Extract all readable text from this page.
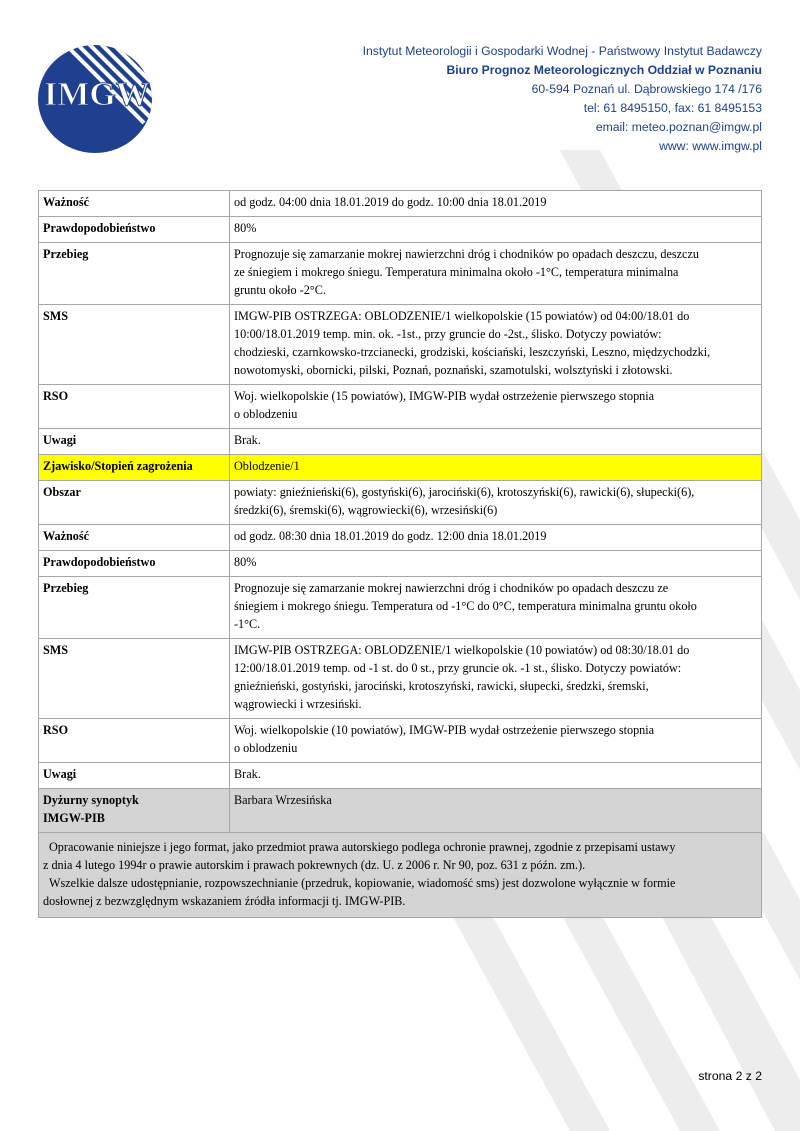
IMGW
Instytut Meteorologii i Gospodarki Wodnej - Państwowy Instytut Badawczy
Biuro Prognoz Meteorologicznych Oddział w Poznaniu
60-594 Poznań ul. Dąbrowskiego 174 /176
tel: 61 8495150, fax: 61 8495153
email: meteo.poznan@imgw.pl
www: www.imgw.pl
Ważność	od godz. 04:00 dnia 18.01.2019 do godz. 10:00 dnia 18.01.2019

Prawdopodobieństwo	80%

Przebieg	Prognozuje się zamarzanie mokrej nawierzchni dróg i chodników po opadach deszczu, deszczu
ze śniegiem i mokrego śniegu. Temperatura minimalna około -1°C, temperatura minimalna
gruntu około -2°C.

SMS	IMGW-PIB OSTRZEGA: OBLODZENIE/1 wielkopolskie (15 powiatów) od 04:00/18.01 do
10:00/18.01.2019 temp. min. ok. -1st., przy gruncie do -2st., ślisko. Dotyczy powiatów:
chodzieski, czarnkowsko-trzcianecki, grodziski, kościański, leszczyński, Leszno, międzychodzki,
nowotomyski, obornicki, pilski, Poznań, poznański, szamotulski, wolsztyński i złotowski.

RSO	Woj. wielkopolskie (15 powiatów), IMGW-PIB wydał ostrzeżenie pierwszego stopnia
o oblodzeniu

Uwagi	Brak.

Zjawisko/Stopień zagrożenia	Oblodzenie/1

Obszar	powiaty: gnieźnieński(6), gostyński(6), jarociński(6), krotoszyński(6), rawicki(6), słupecki(6),
średzki(6), śremski(6), wągrowiecki(6), wrzesiński(6)

Ważność	od godz. 08:30 dnia 18.01.2019 do godz. 12:00 dnia 18.01.2019

Prawdopodobieństwo	80%

Przebieg	Prognozuje się zamarzanie mokrej nawierzchni dróg i chodników po opadach deszczu ze
śniegiem i mokrego śniegu. Temperatura od -1°C do 0°C, temperatura minimalna gruntu około
-1°C.

SMS	IMGW-PIB OSTRZEGA: OBLODZENIE/1 wielkopolskie (10 powiatów) od 08:30/18.01 do
12:00/18.01.2019 temp. od -1 st. do 0 st., przy gruncie ok. -1 st., ślisko. Dotyczy powiatów:
gnieźnieński, gostyński, jarociński, krotoszyński, rawicki, słupecki, średzki, śremski,
wągrowiecki i wrzesiński.

RSO	Woj. wielkopolskie (10 powiatów), IMGW-PIB wydał ostrzeżenie pierwszego stopnia
o oblodzeniu

Uwagi	Brak.

Dyżurny synoptyk
IMGW-PIB	Barbara Wrzesińska

Opracowanie niniejsze i jego format, jako przedmiot prawa autorskiego podlega ochronie prawnej, zgodnie z przepisami ustawy
z dnia 4 lutego 1994r o prawie autorskim i prawach pokrewnych (dz. U. z 2006 r. Nr 90, poz. 631 z późn. zm.).
Wszelkie dalsze udostępnianie, rozpowszechnianie (przedruk, kopiowanie, wiadomość sms) jest dozwolone wyłącznie w formie
dosłownej z bezwzględnym wskazaniem źródła informacji tj. IMGW-PIB.	
strona 2 z 2
